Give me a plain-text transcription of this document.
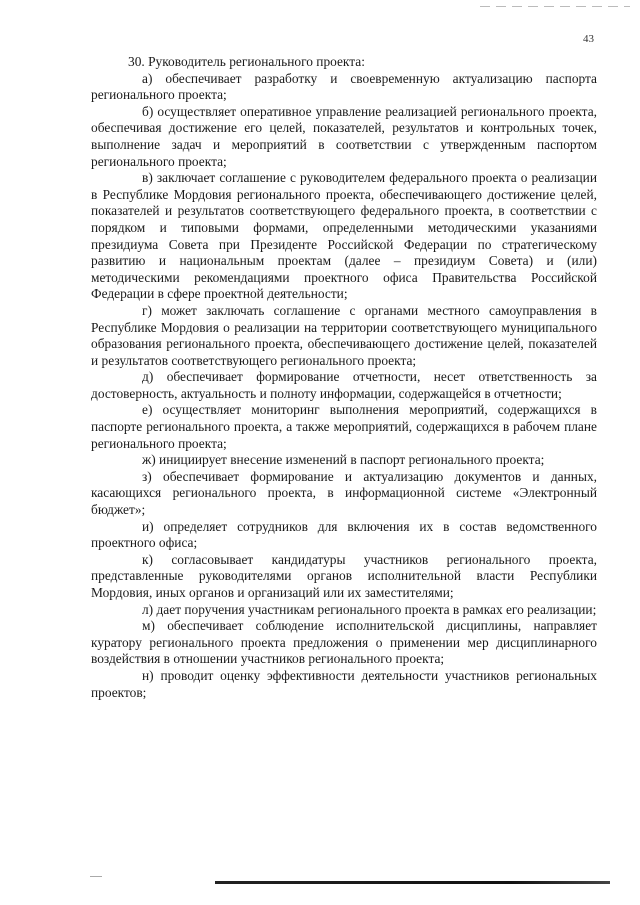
43

30. Руководитель регионального проекта:

а) обеспечивает разработку и своевременную актуализацию паспорта регионального проекта;

б) осуществляет оперативное управление реализацией регионального проекта, обеспечивая достижение его целей, показателей, результатов и контрольных точек, выполнение задач и мероприятий в соответствии с утвержденным паспортом регионального проекта;

в) заключает соглашение с руководителем федерального проекта о реализации в Республике Мордовия регионального проекта, обеспечивающего достижение целей, показателей и результатов соответствующего федерального проекта, в соответствии с порядком и типовыми формами, определенными методическими указаниями президиума Совета при Президенте Российской Федерации по стратегическому развитию и национальным проектам (далее – президиум Совета) и (или) методическими рекомендациями проектного офиса Правительства Российской Федерации в сфере проектной деятельности;

г) может заключать соглашение с органами местного самоуправления в Республике Мордовия о реализации на территории соответствующего муниципального образования регионального проекта, обеспечивающего достижение целей, показателей и результатов соответствующего регионального проекта;

д) обеспечивает формирование отчетности, несет ответственность за достоверность, актуальность и полноту информации, содержащейся в отчетности;

е) осуществляет мониторинг выполнения мероприятий, содержащихся в паспорте регионального проекта, а также мероприятий, содержащихся в рабочем плане регионального проекта;

ж) инициирует внесение изменений в паспорт регионального проекта;

з) обеспечивает формирование и актуализацию документов и данных, касающихся регионального проекта, в информационной системе «Электронный бюджет»;

и) определяет сотрудников для включения их в состав ведомственного проектного офиса;

к) согласовывает кандидатуры участников регионального проекта, представленные руководителями органов исполнительной власти Республики Мордовия, иных органов и организаций или их заместителями;

л) дает поручения участникам регионального проекта в рамках его реализации;

м) обеспечивает соблюдение исполнительской дисциплины, направляет куратору регионального проекта предложения о применении мер дисциплинарного воздействия в отношении участников регионального проекта;

н) проводит оценку эффективности деятельности участников региональных проектов;
